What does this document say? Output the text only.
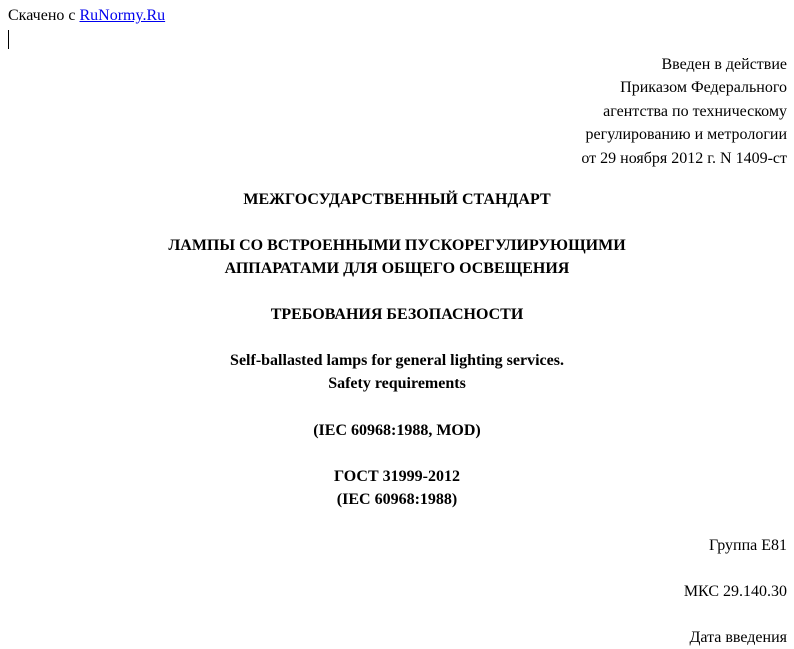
Скачено с RuNormy.Ru
Введен в действие
Приказом Федерального
агентства по техническому
регулированию и метрологии
от 29 ноября 2012 г. N 1409-ст
МЕЖГОСУДАРСТВЕННЫЙ СТАНДАРТ
ЛАМПЫ СО ВСТРОЕННЫМИ ПУСКОРЕГУЛИРУЮЩИМИ
АППАРАТАМИ ДЛЯ ОБЩЕГО ОСВЕЩЕНИЯ
ТРЕБОВАНИЯ БЕЗОПАСНОСТИ
Self-ballasted lamps for general lighting services.
Safety requirements
(IEC 60968:1988, MOD)
ГОСТ 31999-2012
(IEC 60968:1988)
Группа Е81
МКС 29.140.30
Дата введения
